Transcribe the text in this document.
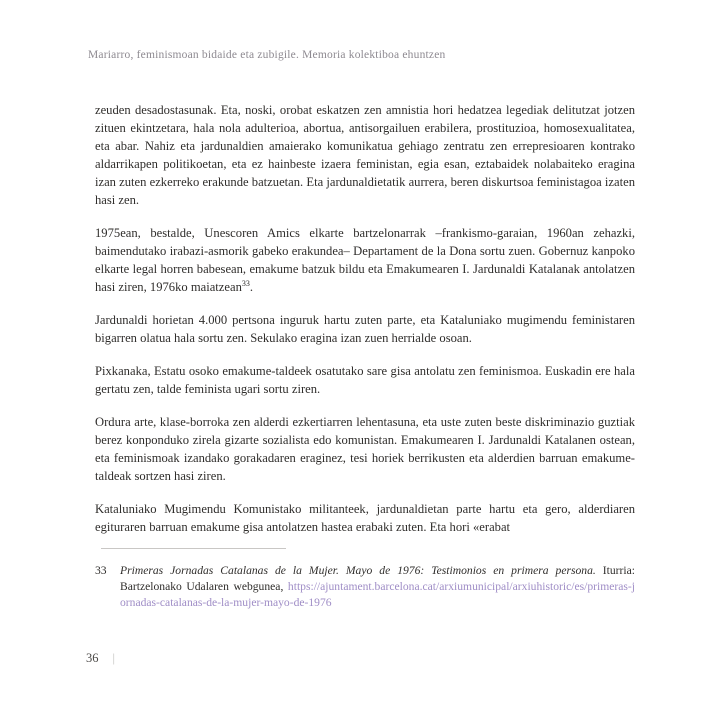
Mariarro, feminismoan bidaide eta zubigile. Memoria kolektiboa ehuntzen

zeuden desadostasunak. Eta, noski, orobat eskatzen zen amnistia hori hedatzea legediak delitutzat jotzen zituen ekintzetara, hala nola adulterioa, abortua, antisorgailuen erabilera, prostituzioa, homosexualitatea, eta abar. Nahiz eta jardunaldien amaierako komunikatua gehiago zentratu zen errepresioaren kontrako aldarrikapen politikoetan, eta ez hainbeste izaera feministan, egia esan, eztabaidek nolabaiteko eragina izan zuten ezkerreko erakunde batzuetan. Eta jardunaldietatik aurrera, beren diskurtsoa feministagoa izaten hasi zen.

1975ean, bestalde, Unescoren Amics elkarte bartzelonarrak –frankismo-garaian, 1960an zehazki, baimendutako irabazi-asmorik gabeko erakundea– Departament de la Dona sortu zuen. Gobernuz kanpoko elkarte legal horren babesean, emakume batzuk bildu eta Emakumearen I. Jardunaldi Katalanak antolatzen hasi ziren, 1976ko maiatzean$^{33}$.

Jardunaldi horietan 4.000 pertsona inguruk hartu zuten parte, eta Kataluniako mugimendu feministaren bigarren olatua hala sortu zen. Sekulako eragina izan zuen herrialde osoan.

Pixkanaka, Estatu osoko emakume-taldeek osatutako sare gisa antolatu zen feminismoa. Euskadin ere hala gertatu zen, talde feminista ugari sortu ziren.

Ordura arte, klase-borroka zen alderdi ezkertiarren lehentasuna, eta uste zuten beste diskriminazio guztiak berez konponduko zirela gizarte sozialista edo komunistan. Emakumearen I. Jardunaldi Katalanen ostean, eta feminismoak izandako gorakadaren eraginez, tesi horiek berrikusten eta alderdien barruan emakume-taldeak sortzen hasi ziren.

Kataluniako Mugimendu Komunistako militanteek, jardunaldietan parte hartu eta gero, alderdiaren egituraren barruan emakume gisa antolatzen hastea erabaki zuten. Eta hori «erabat

33	Primeras Jornadas Catalanas de la Mujer. Mayo de 1976: Testimonios en primera persona. Iturria: Bartzelonako Udalaren webgunea, https://ajuntament.barcelona.cat/arxiumunicipal/arxiuhistoric/es/primeras-jornadas-catalanas-de-la-mujer-mayo-de-1976
36 |
